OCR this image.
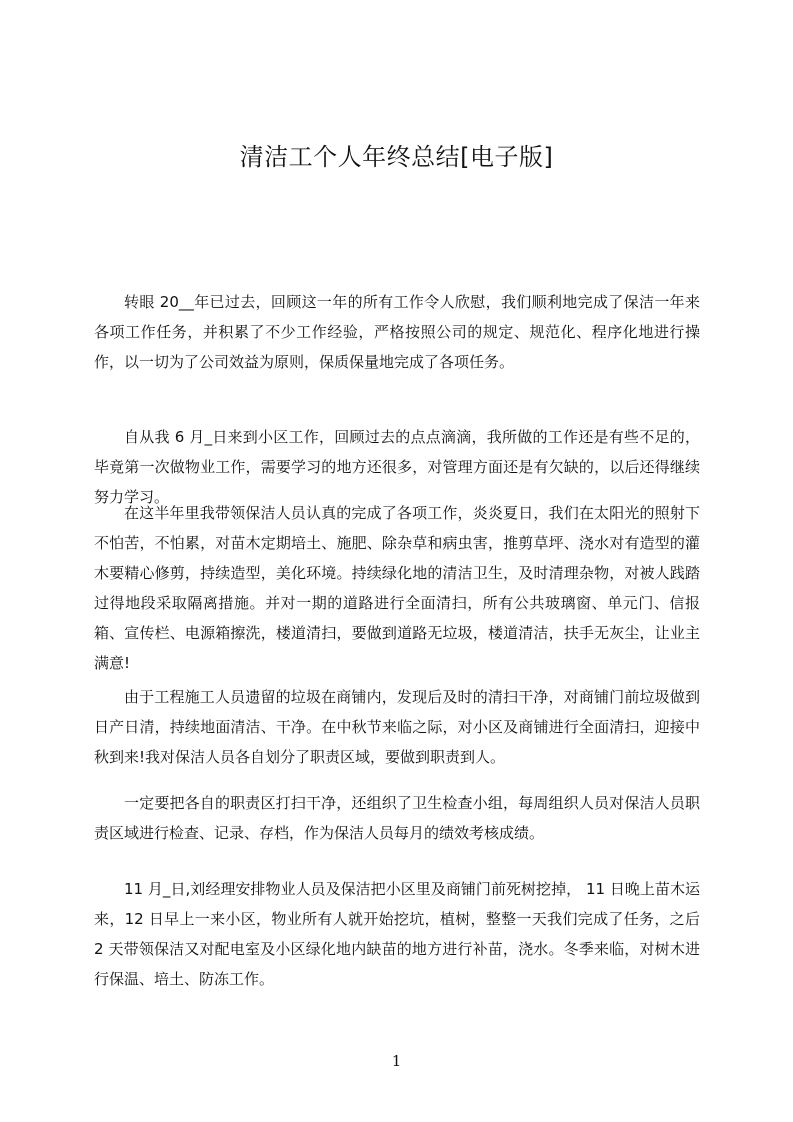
清洁工个人年终总结[电子版]

转眼 20__年已过去，回顾这一年的所有工作令人欣慰，我们顺利地完成了保洁一年来各项工作任务，并积累了不少工作经验，严格按照公司的规定、规范化、程序化地进行操作，以一切为了公司效益为原则，保质保量地完成了各项任务。

自从我 6 月_日来到小区工作，回顾过去的点点滴滴，我所做的工作还是有些不足的，毕竟第一次做物业工作，需要学习的地方还很多，对管理方面还是有欠缺的，以后还得继续努力学习。

在这半年里我带领保洁人员认真的完成了各项工作，炎炎夏日，我们在太阳光的照射下不怕苦，不怕累，对苗木定期培土、施肥、除杂草和病虫害，推剪草坪、浇水对有造型的灌木要精心修剪，持续造型，美化环境。持续绿化地的清洁卫生，及时清理杂物，对被人践踏过得地段采取隔离措施。并对一期的道路进行全面清扫，所有公共玻璃窗、单元门、信报箱、宣传栏、电源箱擦洗，楼道清扫，要做到道路无垃圾，楼道清洁，扶手无灰尘，让业主满意!

由于工程施工人员遗留的垃圾在商铺内，发现后及时的清扫干净，对商铺门前垃圾做到日产日清，持续地面清洁、干净。在中秋节来临之际，对小区及商铺进行全面清扫，迎接中秋到来!我对保洁人员各自划分了职责区域，要做到职责到人。

一定要把各自的职责区打扫干净，还组织了卫生检查小组，每周组织人员对保洁人员职责区域进行检查、记录、存档，作为保洁人员每月的绩效考核成绩。

11 月_日,刘经理安排物业人员及保洁把小区里及商铺门前死树挖掉， 11 日晚上苗木运来，12 日早上一来小区，物业所有人就开始挖坑，植树，整整一天我们完成了任务，之后 2 天带领保洁又对配电室及小区绿化地内缺苗的地方进行补苗，浇水。冬季来临，对树木进行保温、培土、防冻工作。

1
